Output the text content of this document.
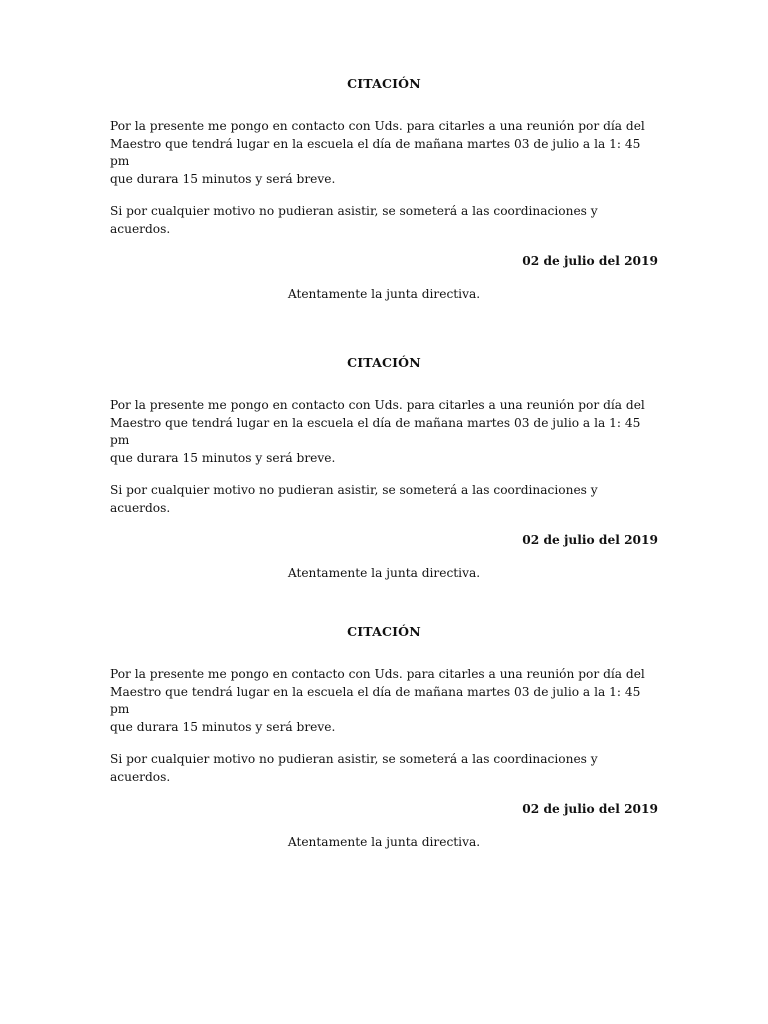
CITACIÓN

Por la presente me pongo en contacto con Uds. para citarles a una reunión por día del
Maestro que tendrá lugar en la escuela el día de mañana martes 03 de julio a la 1: 45 pm
que durara 15 minutos y será breve.

Si por cualquier motivo no pudieran asistir, se someterá a las coordinaciones y acuerdos.

02 de julio del 2019
Atentamente la junta directiva.
CITACIÓN

Por la presente me pongo en contacto con Uds. para citarles a una reunión por día del
Maestro que tendrá lugar en la escuela el día de mañana martes 03 de julio a la 1: 45 pm
que durara 15 minutos y será breve.

Si por cualquier motivo no pudieran asistir, se someterá a las coordinaciones y acuerdos.

02 de julio del 2019
Atentamente la junta directiva.
CITACIÓN

Por la presente me pongo en contacto con Uds. para citarles a una reunión por día del
Maestro que tendrá lugar en la escuela el día de mañana martes 03 de julio a la 1: 45 pm
que durara 15 minutos y será breve.

Si por cualquier motivo no pudieran asistir, se someterá a las coordinaciones y acuerdos.

02 de julio del 2019
Atentamente la junta directiva.
